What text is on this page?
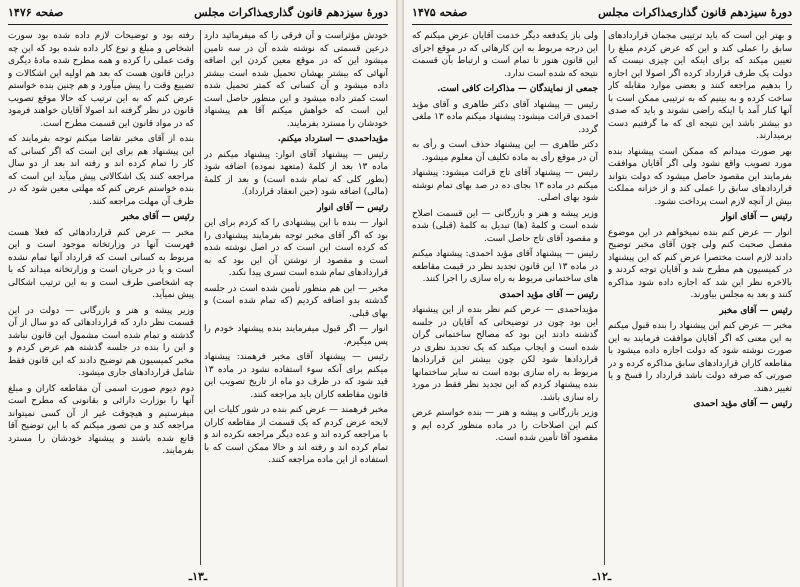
دورهٔ سیزدهم قانون گذاری
مذاکرات مجلس
صفحه ۱۴۷۶

خودش مؤثراست و آن فرقی را که میفرمائید دارد درعین قسمتی که نوشته شده آن در سه تامین میشود این که در موقع معین کردن این اضافه آنهائی که بیشتر بهشان تحمیل شده است بیشتر داده میشود و آن کسانی که کمتر تحمیل شده است کمتر داده میشود و این منظور حاصل است این است که خواهش میکنم آقا هم پیشنهاد خودشان را مسترد بفرمایند.

مؤیداحمدی — استرداد میکنم.

رئیس — پیشنهاد آقای انوار: پیشنهاد میکنم در ماده ۱۳ بعد از کلمهٔ (متعهد نموده) اضافه شود (بطور کلی که تمام شده است) و بعد از کلمهٔ (مالی) اضافه شود (حین انعقاد قرارداد).

رئیس — آقای انوار

انوار — بنده با این پیشنهادی را که کردم برای این بود که اگر آقای مخبر توجه بفرمایند پیشنهادی را که کرده است این است که در اصل نوشته شده است و مقصود از نوشتن آن این بود که به قراردادهای تمام شده است تسری پیدا نکند.

مخبر — این هم منظور تأمین شده است در جلسه گذشته بدو اضافه کردیم (که تمام شده است) و بهای قبلی.

انوار — اگر قبول میفرمایند بنده پیشنهاد خودم را پس میگیرم.

رئیس — پیشنهاد آقای مخبر فرهمند: پیشنهاد میکنم برای آنکه سوء استفاده نشود در ماده ۱۳ قید شود که در ظرف دو ماه از تاریخ تصویب این قانون مقاطعه کاران باید مراجعه کنند.

مخبر فرهمند — عرض کنم بنده در شور کلیات این لایحه عرض کردم که یک قسمت از مقاطعه کاران با مراجعه کرده اند و عده دیگر مراجعه نکرده اند و تمام کرده اند و رفته اند و حالا ممکن است که با استفاده از این ماده مراجعه کنند.

رفته بود و توضیحات لازم داده شده بود سورت اشخاص و مبلغ و نوع کار داده شده بود که این چه وقت عملی را کرده و همه مطرح شده مادهٔ دیگری دراین قانون هست که بعد هم اولیه این اشکالات و تضییع وقت را پیش میآورد و هم چنین بنده خواستم عرض کنم که به این ترتیب که حالا موقع تصویب قانون در نظر گرفته اند اصولا آقایان خواهند فرمود که در مواد قانون این قسمت مطرح است.

بنده از آقای مخبر تقاضا میکنم توجه بفرمایند که این پیشنهاد هم برای این است که اگر کسانی که کار را تمام کرده اند و رفته اند بعد از دو سال مراجعه کنند یک اشکالاتی پیش میآید این است که بنده خواستم عرض کنم که مهلتی معین شود که در ظرف آن مهلت مراجعه کنند.

رئیس — آقای مخبر

مخبر — عرض کنم قراردادهائی که فعلا هست فهرست آنها در وزارتخانه موجود است و این مربوط به کسانی است که قرارداد آنها تمام نشده است و یا در جریان است و وزارتخانه میداند که با چه اشخاصی طرف است و به این ترتیب اشکالی پیش نمیآید.

وزیر پیشه و هنر و بازرگانی — دولت در این قسمت نظر دارد که قراردادهائی که دو سال از آن گذشته و تمام شده است مشمول این قانون نباشد و این را بنده در جلسه گذشته هم عرض کردم و مخبر کمیسیون هم توضیح دادند که این قانون فقط شامل قراردادهای جاری میشود.

دوم دیوم صورت اسمی آن مقاطعه کاران و مبلغ آنها را بوزارت دارائی و بقانونی که مطرح است میفرستیم و هیچوقت غیر از آن کسی نمیتواند مراجعه کند و من تصور میکنم که با این توضیح آقا قانع شده باشند و پیشنهاد خودشان را مسترد بفرمایند.

ـ۱۳ـ
دورهٔ سیزدهم قانون گذاری
مذاکرات مجلس
صفحه ۱۴۷۵

و بهتر این است که باید ترتیبی مجمان قراردادهای سابق را عملی کند و این که عرض کردم مبلغ را تعیین میکند که برای اینکه این چیزی نیست که دولت یک طرف قرارداد کرده اگر اصولا این اجازه را بدهیم مراجعه کنند و بعضی موارد مقابله کار ساخت کرده و به بینیم که به ترتیبی ممکن است با آنها کنار آمد با اینکه راضی نشوند و باید که صدی دو بیشتر باشد این نتیجه ای که ما گرفتیم دست برمیدارند.

بهر صورت میدانم که ممکن است پیشنهاد بنده مورد تصویب واقع نشود ولی اگر آقایان موافقت بفرمایند این مقصود حاصل میشود که دولت بتواند قراردادهای سابق را عملی کند و از خزانه مملکت بیش از آنچه لازم است پرداخت نشود.

رئیس — آقای انوار

انوار — عرض کنم بنده نمیخواهم در این موضوع مفصل صحبت کنم ولی چون آقای مخبر توضیح دادند لازم است مختصرا عرض کنم که این پیشنهاد در کمیسیون هم مطرح شد و آقایان توجه کردند و بالاخره نظر این شد که اجازه داده شود مذاکره کنند و بعد به مجلس بیاورند.

رئیس — آقای مخبر

مخبر — عرض کنم این پیشنهاد را بنده قبول میکنم به این معنی که اگر آقایان موافقت فرمایند به این صورت نوشته شود که دولت اجازه داده میشود با مقاطعه کاران قراردادهای سابق مذاکره کرده و در صورتی که صرفه دولت باشد قرارداد را فسخ و یا تغییر دهند.

رئیس — آقای مؤید احمدی

ولی باز یکدفعه دیگر خدمت آقایان عرض میکنم که این درجه مربوط به این کارهائی که در موقع اجرای این قانون هنوز تا تمام است و ارتباط بآن قسمت نتیجه که شده است ندارد.

جمعی از نمایندگان — مذاکرات کافی است.

رئیس — پیشنهاد آقای دکتر طاهری و آقای مؤید احمدی قرائت میشود: پیشنهاد میکنم ماده ۱۳ ملغی گردد.

دکتر طاهری — این پیشنهاد حذف است و رأی به آن در موقع رأی به ماده تکلیف آن معلوم میشود.

رئیس — پیشنهاد آقای تاج قرائت میشود: پیشنهاد میکنم در ماده ۱۳ بجای ده در صد بهای تمام نوشته شود بهای اصلی.

وزیر پیشه و هنر و بازرگانی — این قسمت اصلاح شده است و کلمهٔ (ها) تبدیل به کلمهٔ (قبلی) شده و مقصود آقای تاج حاصل است.

رئیس — پیشنهاد آقای مؤید احمدی: پیشنهاد میکنم در ماده ۱۳ این قانون تجدید نظر در قیمت مقاطعه های ساختمانی مربوط به راه سازی را اجرا کنند.

رئیس — آقای مؤید احمدی

مؤیداحمدی — عرض کنم نظر بنده از این پیشنهاد این بود چون در توضیحاتی که آقایان در جلسه گذشته دادند این بود که مصالح ساختمانی گران شده است و ایجاب میکند که یک تجدید نظری در قراردادها شود لکن چون بیشتر این قراردادها مربوط به راه سازی بوده است نه سایر ساختمانها بنده پیشنهاد کردم که این تجدید نظر فقط در مورد راه سازی باشد.

وزیر بازرگانی و پیشه و هنر — بنده خواستم عرض کنم این اصلاحات را در ماده منظور کرده ایم و مقصود آقا تأمین شده است.

ـ۱۲ـ
